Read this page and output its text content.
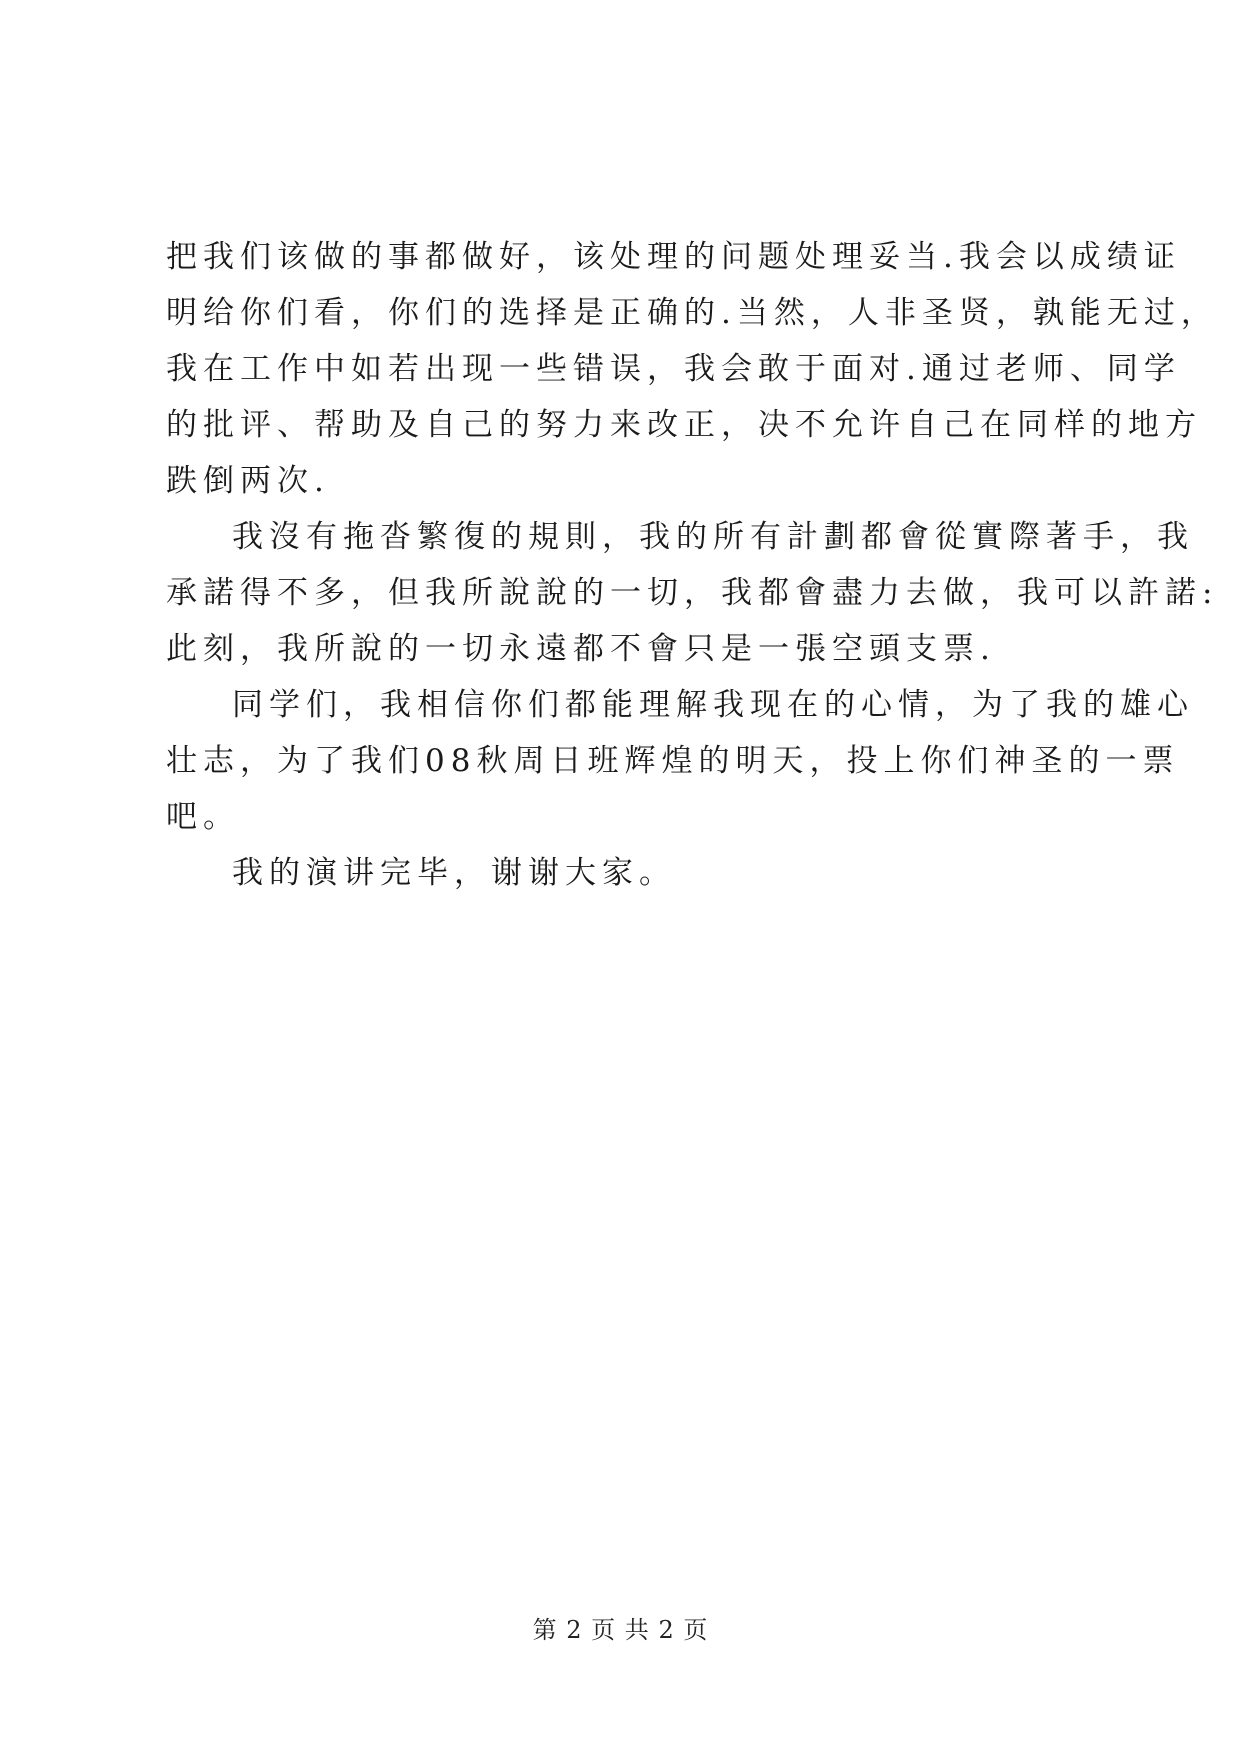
把我们该做的事都做好，该处理的问题处理妥当.我会以成绩证

明给你们看，你们的选择是正确的.当然，人非圣贤，孰能无过，

我在工作中如若出现一些错误，我会敢于面对.通过老师、同学

的批评、帮助及自己的努力来改正，决不允许自己在同样的地方

跌倒两次.

我沒有拖沓繁復的規則，我的所有計劃都會從實際著手，我

承諾得不多，但我所說說的一切，我都會盡力去做，我可以許諾:

此刻，我所說的一切永遠都不會只是一張空頭支票.

同学们，我相信你们都能理解我现在的心情，为了我的雄心

壮志，为了我们08秋周日班辉煌的明天，投上你们神圣的一票

吧。

我的演讲完毕，谢谢大家。

第 2 页 共 2 页
